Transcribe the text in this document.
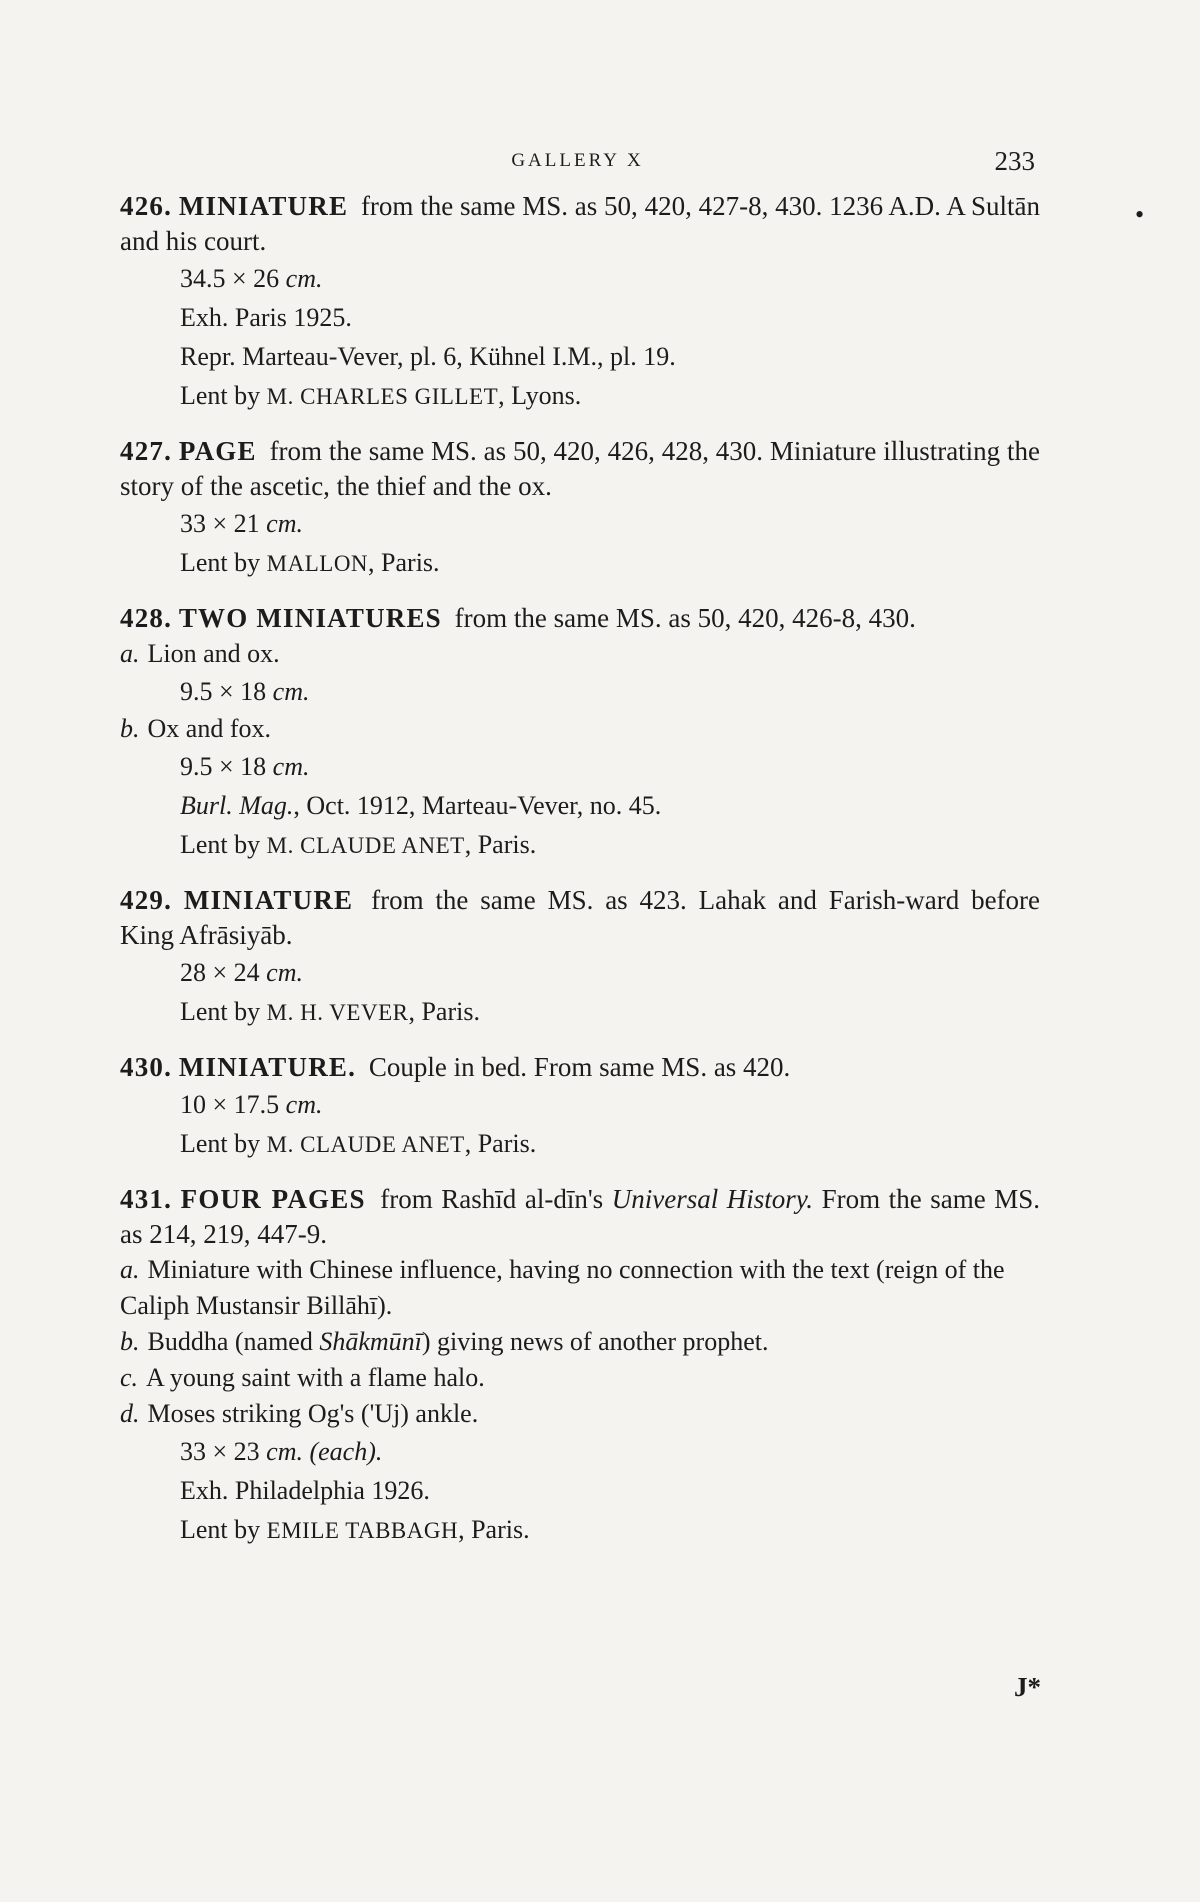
GALLERY X	233
•
426. MINIATURE from the same MS. as 50, 420, 427-8, 430. 1236 A.D. A Sultān and his court.
34.5 × 26 cm.
Exh. Paris 1925.
Repr. Marteau-Vever, pl. 6, Kühnel I.M., pl. 19.
Lent by M. CHARLES GILLET, Lyons.
427. PAGE from the same MS. as 50, 420, 426, 428, 430. Miniature illustrating the story of the ascetic, the thief and the ox.
33 × 21 cm.
Lent by MALLON, Paris.
428. TWO MINIATURES from the same MS. as 50, 420, 426-8, 430.
a. Lion and ox.
9.5 × 18 cm.
b. Ox and fox.
9.5 × 18 cm.
Burl. Mag., Oct. 1912, Marteau-Vever, no. 45.
Lent by M. CLAUDE ANET, Paris.
429. MINIATURE from the same MS. as 423. Lahak and Farish-ward before King Afrāsiyāb.
28 × 24 cm.
Lent by M. H. VEVER, Paris.
430. MINIATURE. Couple in bed. From same MS. as 420.
10 × 17.5 cm.
Lent by M. CLAUDE ANET, Paris.
431. FOUR PAGES from Rashīd al-dīn's Universal History. From the same MS. as 214, 219, 447-9.
a. Miniature with Chinese influence, having no connection with the text (reign of the Caliph Mustansir Billāhī).
b. Buddha (named Shākmūnī) giving news of another prophet.
c. A young saint with a flame halo.
d. Moses striking Og's ('Uj) ankle.
33 × 23 cm. (each).
Exh. Philadelphia 1926.
Lent by EMILE TABBAGH, Paris.
J*
